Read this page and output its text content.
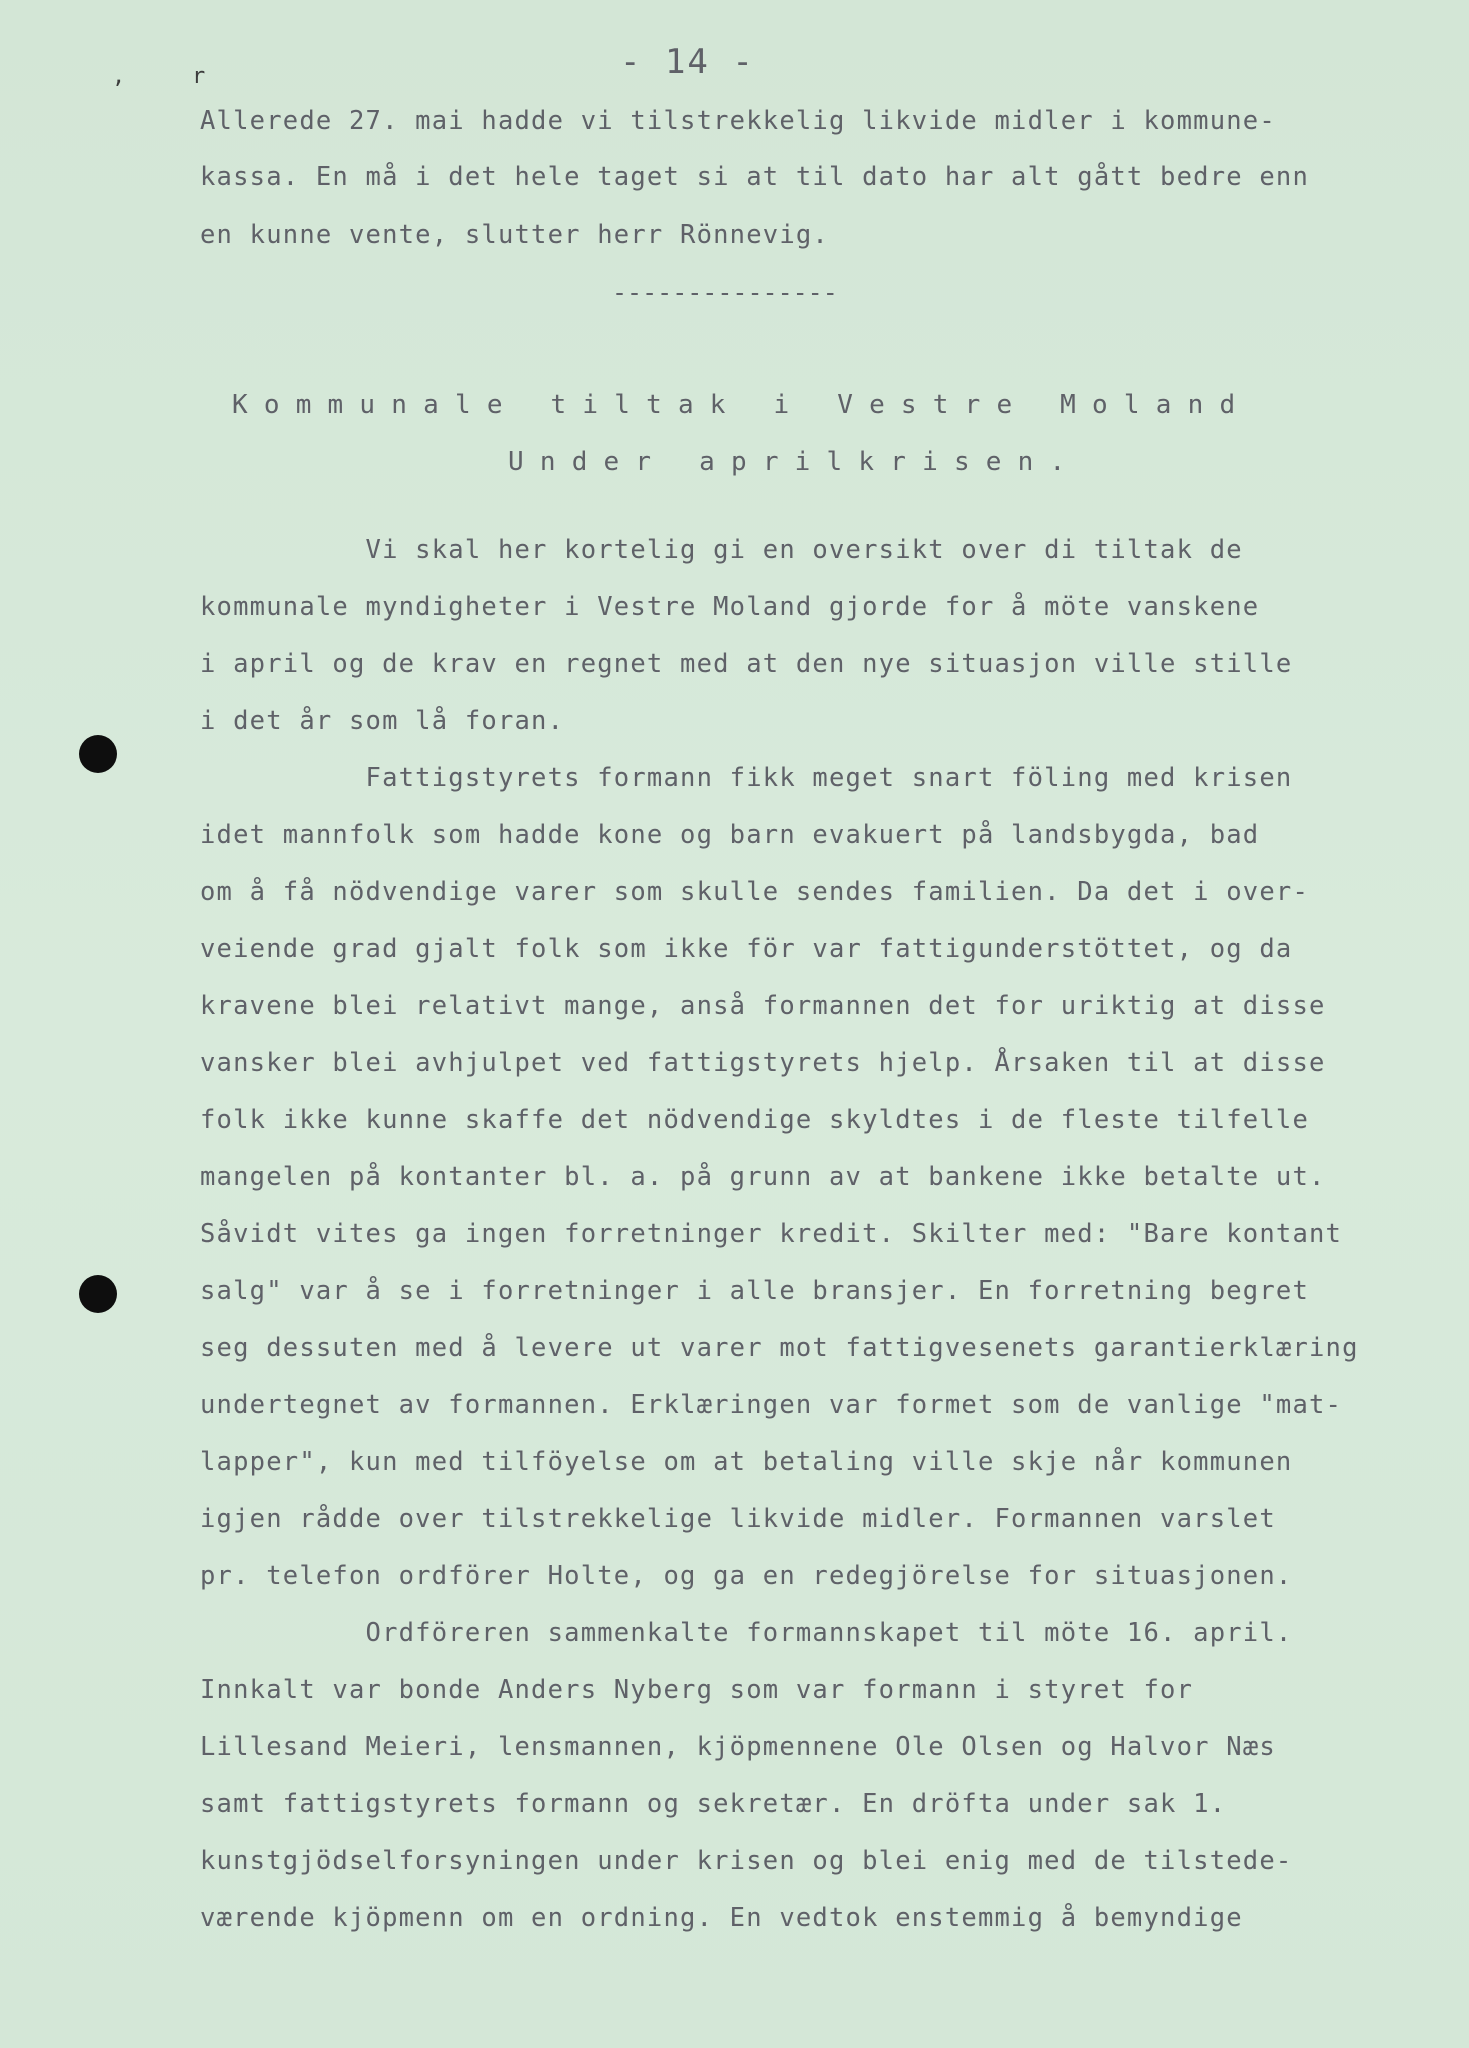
,	r	- 14 -
Allerede 27. mai hadde vi tilstrekkelig likvide midler i kommune-
kassa. En må i det hele taget si at til dato har alt gått bedre enn
en kunne vente, slutter herr Rönnevig.
---------------
Kommunale tiltak i Vestre Moland
Under aprilkrisen.
Vi skal her kortelig gi en oversikt over di tiltak de
kommunale myndigheter i Vestre Moland gjorde for å möte vanskene
i april og de krav en regnet med at den nye situasjon ville stille
i det år som lå foran.
Fattigstyrets formann fikk meget snart föling med krisen
idet mannfolk som hadde kone og barn evakuert på landsbygda, bad
om å få nödvendige varer som skulle sendes familien. Da det i over-
veiende grad gjalt folk som ikke för var fattigunderstöttet, og da
kravene blei relativt mange, anså formannen det for uriktig at disse
vansker blei avhjulpet ved fattigstyrets hjelp. Årsaken til at disse
folk ikke kunne skaffe det nödvendige skyldtes i de fleste tilfelle
mangelen på kontanter bl. a. på grunn av at bankene ikke betalte ut.
Såvidt vites ga ingen forretninger kredit. Skilter med: "Bare kontant
salg" var å se i forretninger i alle bransjer. En forretning begret
seg dessuten med å levere ut varer mot fattigvesenets garantierklæring
undertegnet av formannen. Erklæringen var formet som de vanlige "mat-
lapper", kun med tilföyelse om at betaling ville skje når kommunen
igjen rådde over tilstrekkelige likvide midler. Formannen varslet
pr. telefon ordförer Holte, og ga en redegjörelse for situasjonen.
Ordföreren sammenkalte formannskapet til möte 16. april.
Innkalt var bonde Anders Nyberg som var formann i styret for
Lillesand Meieri, lensmannen, kjöpmennene Ole Olsen og Halvor Næs
samt fattigstyrets formann og sekretær. En dröfta under sak 1.
kunstgjödselforsyningen under krisen og blei enig med de tilstede-
værende kjöpmenn om en ordning. En vedtok enstemmig å bemyndige
